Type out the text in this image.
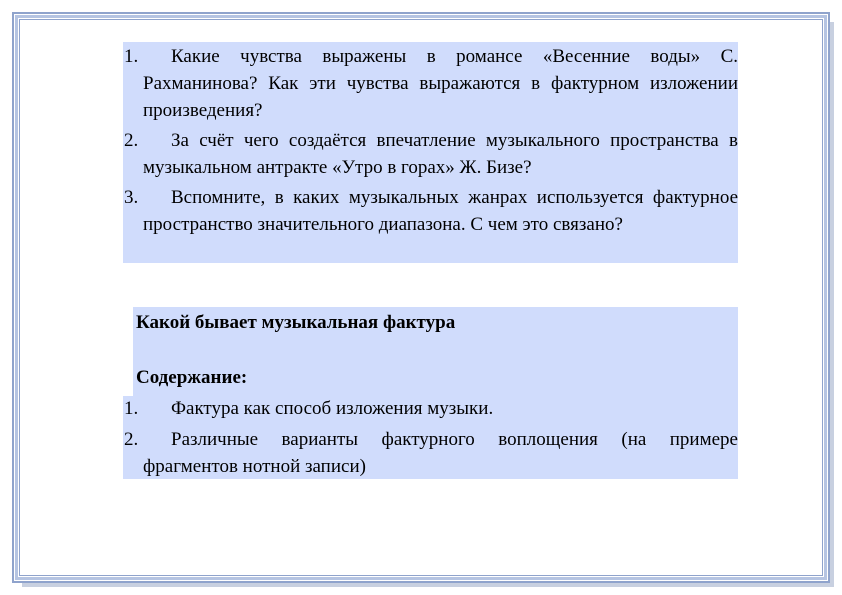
1.	Какие чувства выражены в романсе «Весенние воды» С. Рахманинова? Как эти чувства выражаются в фактурном изложении произведения?
2.	За счёт чего создаётся впечатление музыкального пространства в музыкальном антракте «Утро в горах» Ж. Бизе?
3.	Вспомните, в каких музыкальных жанрах используется фактурное пространство значительного диапазона. С чем это связано?
Какой бывает музыкальная фактура
Содержание:
1.	Фактура как способ изложения музыки.
2.	Различные варианты фактурного воплощения (на примере фрагментов нотной записи)
